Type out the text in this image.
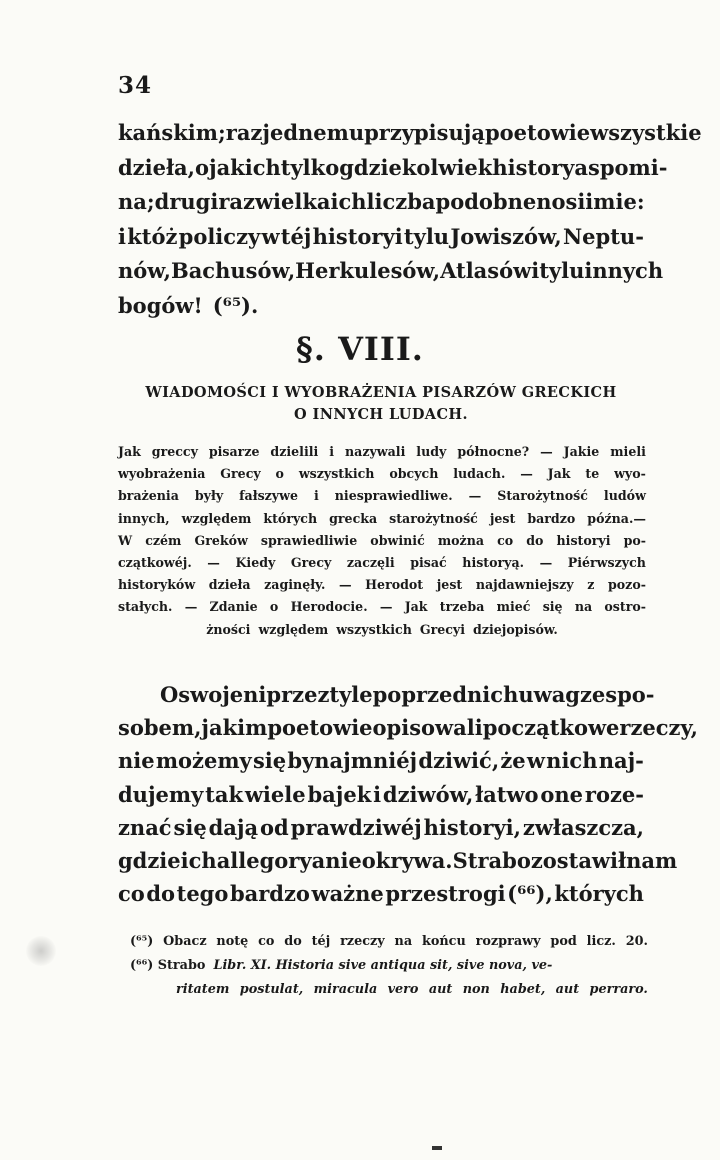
34
kańskim; raz jednemu przypisują poetowie wszystkie
dzieła, o jakich tylko gdziekolwiek historya spomi-
na; drugi raz wielka ich liczba podobne nosi imie:
i któż policzy w téj historyi tylu Jowiszów, Neptu-
nów, Bachusów, Herkulesów, Atlasów i tylu innych
bogów! (⁶⁵).
§. VIII.
WIADOMOŚCI I WYOBRAŻENIA PISARZÓW GRECKICH
O INNYCH LUDACH.
Jak greccy pisarze dzielili i nazywali ludy północne? — Jakie mieli
wyobrażenia Grecy o wszystkich obcych ludach. — Jak te wyo-
brażenia były fałszywe i niesprawiedliwe. — Starożytność ludów
innych, względem których grecka starożytność jest bardzo późna.—
W czém Greków sprawiedliwie obwinić można co do historyi po-
czątkowéj. — Kiedy Grecy zaczęli pisać historyą. — Piérwszych
historyków dzieła zaginęły. — Herodot jest najdawniejszy z pozo-
stałych. — Zdanie o Herodocie. — Jak trzeba mieć się na ostro-
żności względem wszystkich Grecyi dziejopisów.
Oswojeni przez tyle poprzednich uwag ze spo-
sobem, jakim poetowie opisowali początkowe rzeczy,
nie możemy się bynajmniéj dziwić, że w nich naj-
dujemy tak wiele bajek i dziwów, łatwo one roze-
znać się dają od prawdziwéj historyi, zwłaszcza,
gdzie ich allegorya nie okrywa. Strabo zostawił nam
co do tego bardzo ważne przestrogi (⁶⁶), których
(⁶⁵) Obacz notę co do téj rzeczy na końcu rozprawy pod licz. 20.
(⁶⁶) Strabo Libr. XI. Historia sive antiqua sit, sive nova, ve-
ritatem postulat, miracula vero aut non habet, aut perraro.
